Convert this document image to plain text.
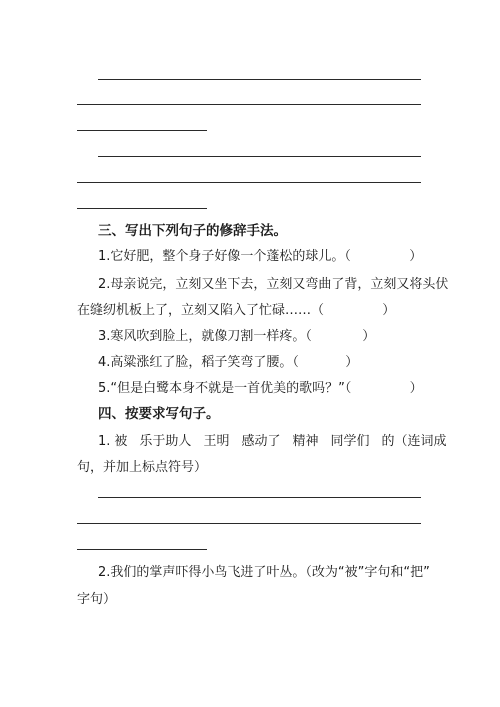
三、写出下列句子的修辞手法。
1.它好肥，整个身子好像一个蓬松的球儿。（	）
2.母亲说完，立刻又坐下去，立刻又弯曲了背，立刻又将头伏
在缝纫机板上了，立刻又陷入了忙碌……（	）
3.寒风吹到脸上，就像刀割一样疼。（	）
4.高粱涨红了脸，稻子笑弯了腰。（	）
5.“但是白鹭本身不就是一首优美的歌吗？”（	）
四、按要求写句子。
1. 被 乐于助人 王明 感动了 精神 同学们 的（连词成
句，并加上标点符号）
2.我们的掌声吓得小鸟飞进了叶丛。（改为“被”字句和“把”
字句）
